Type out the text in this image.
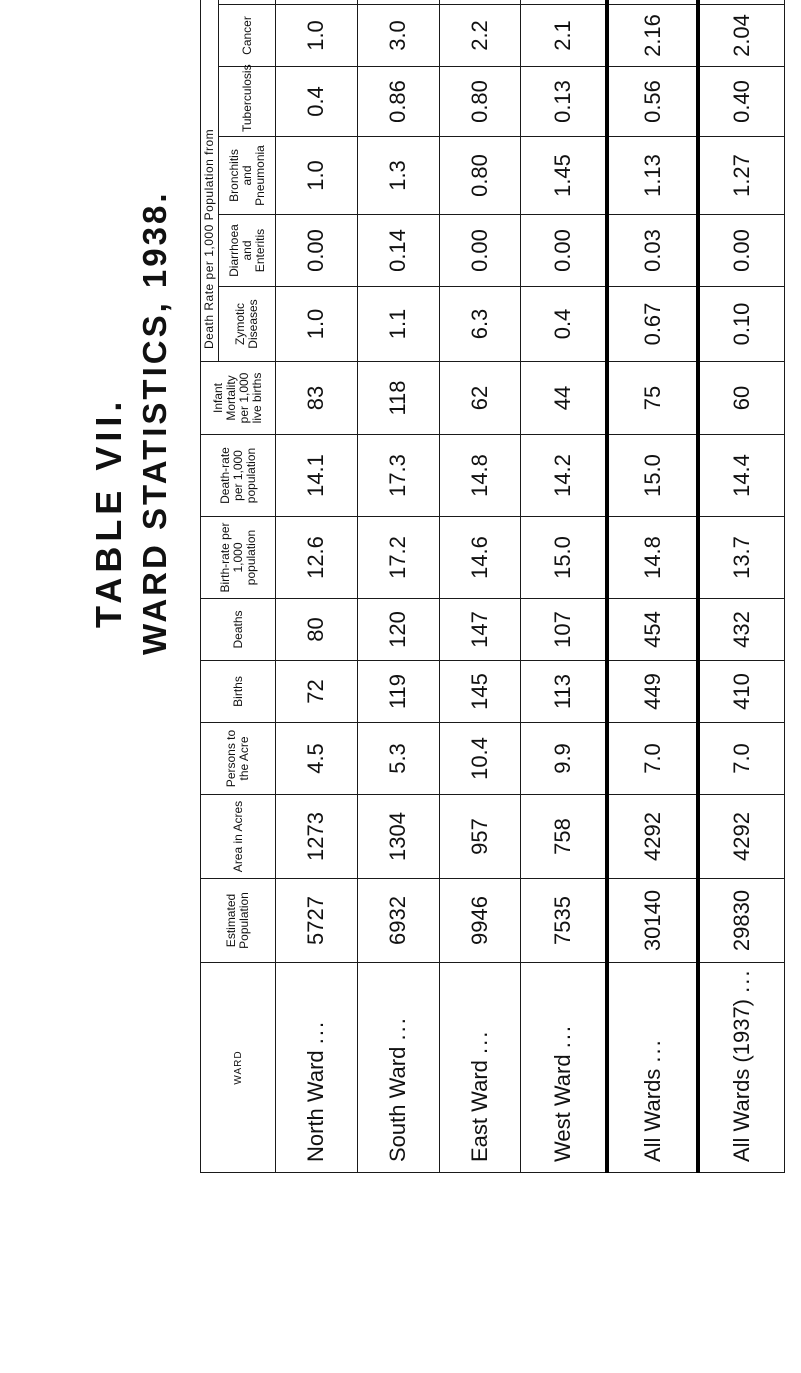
TABLE VII. WARD STATISTICS, 1938.
WARD	Estimated Population	Area in Acres	Persons to the Acre	Births	Deaths	Birth-rate per 1,000 population	Death-rate per 1,000 population	Infant Mortality per 1,000 live births	Death Rate per 1,000 Population from					
									Zymotic Diseases	Diarrhoea and Enteritis	Bronchitis and Pneumonia	Tuberculosis	Cancer	
North Ward ...	5727	1273	4.5	72	80	12.6	14.1	83	1.0	0.00	1.0	0.4	1.0	
South Ward ...	6932	1304	5.3	119	120	17.2	17.3	118	1.1	0.14	1.3	0.86	3.0	
East Ward ...	9946	957	10.4	145	147	14.6	14.8	62	6.3	0.00	0.80	0.80	2.2	
West Ward ...	7535	758	9.9	113	107	15.0	14.2	44	0.4	0.00	1.45	0.13	2.1	
All Wards ...	30140	4292	7.0	449	454	14.8	15.0	75	0.67	0.03	1.13	0.56	2.16	
All Wards (1937) ...	29830	4292	7.0	410	432	13.7	14.4	60	0.10	0.00	1.27	0.40	2.04	
